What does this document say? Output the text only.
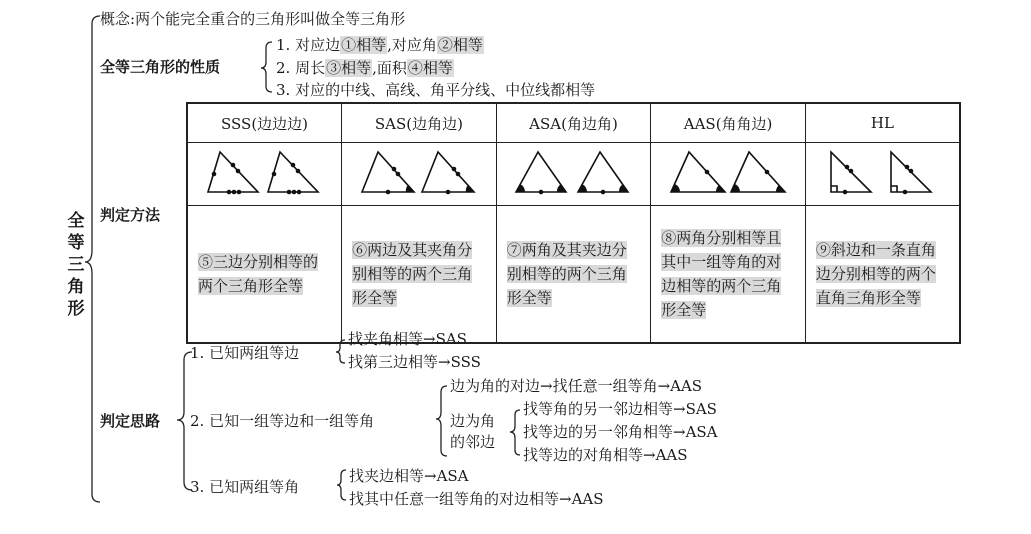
全
等
三
角
形
概念:两个能完全重合的三角形叫做全等三角形
全等三角形的性质
1. 对应边①相等,对应角②相等
2. 周长③相等,面积④相等
3. 对应的中线、高线、角平分线、中位线都相等
判定方法
SSS(边边边)	SAS(边角边)	ASA(角边角)	AAS(角角边)	HL

⑤三边分别相等的两个三角形全等	⑥两边及其夹角分别相等的两个三角形全等	⑦两角及其夹边分别相等的两个三角形全等	⑧两角分别相等且其中一组等角的对边相等的两个三角形全等	⑨斜边和一条直角边分别相等的两个直角三角形全等
判定思路
1. 已知两组等边
找夹角相等→SAS
找第三边相等→SSS
2. 已知一组等边和一组等角
边为角的对边→找任意一组等角→AAS
边为角
的邻边
找等角的另一邻边相等→SAS
找等边的另一邻角相等→ASA
找等边的对角相等→AAS
3. 已知两组等角
找夹边相等→ASA
找其中任意一组等角的对边相等→AAS
